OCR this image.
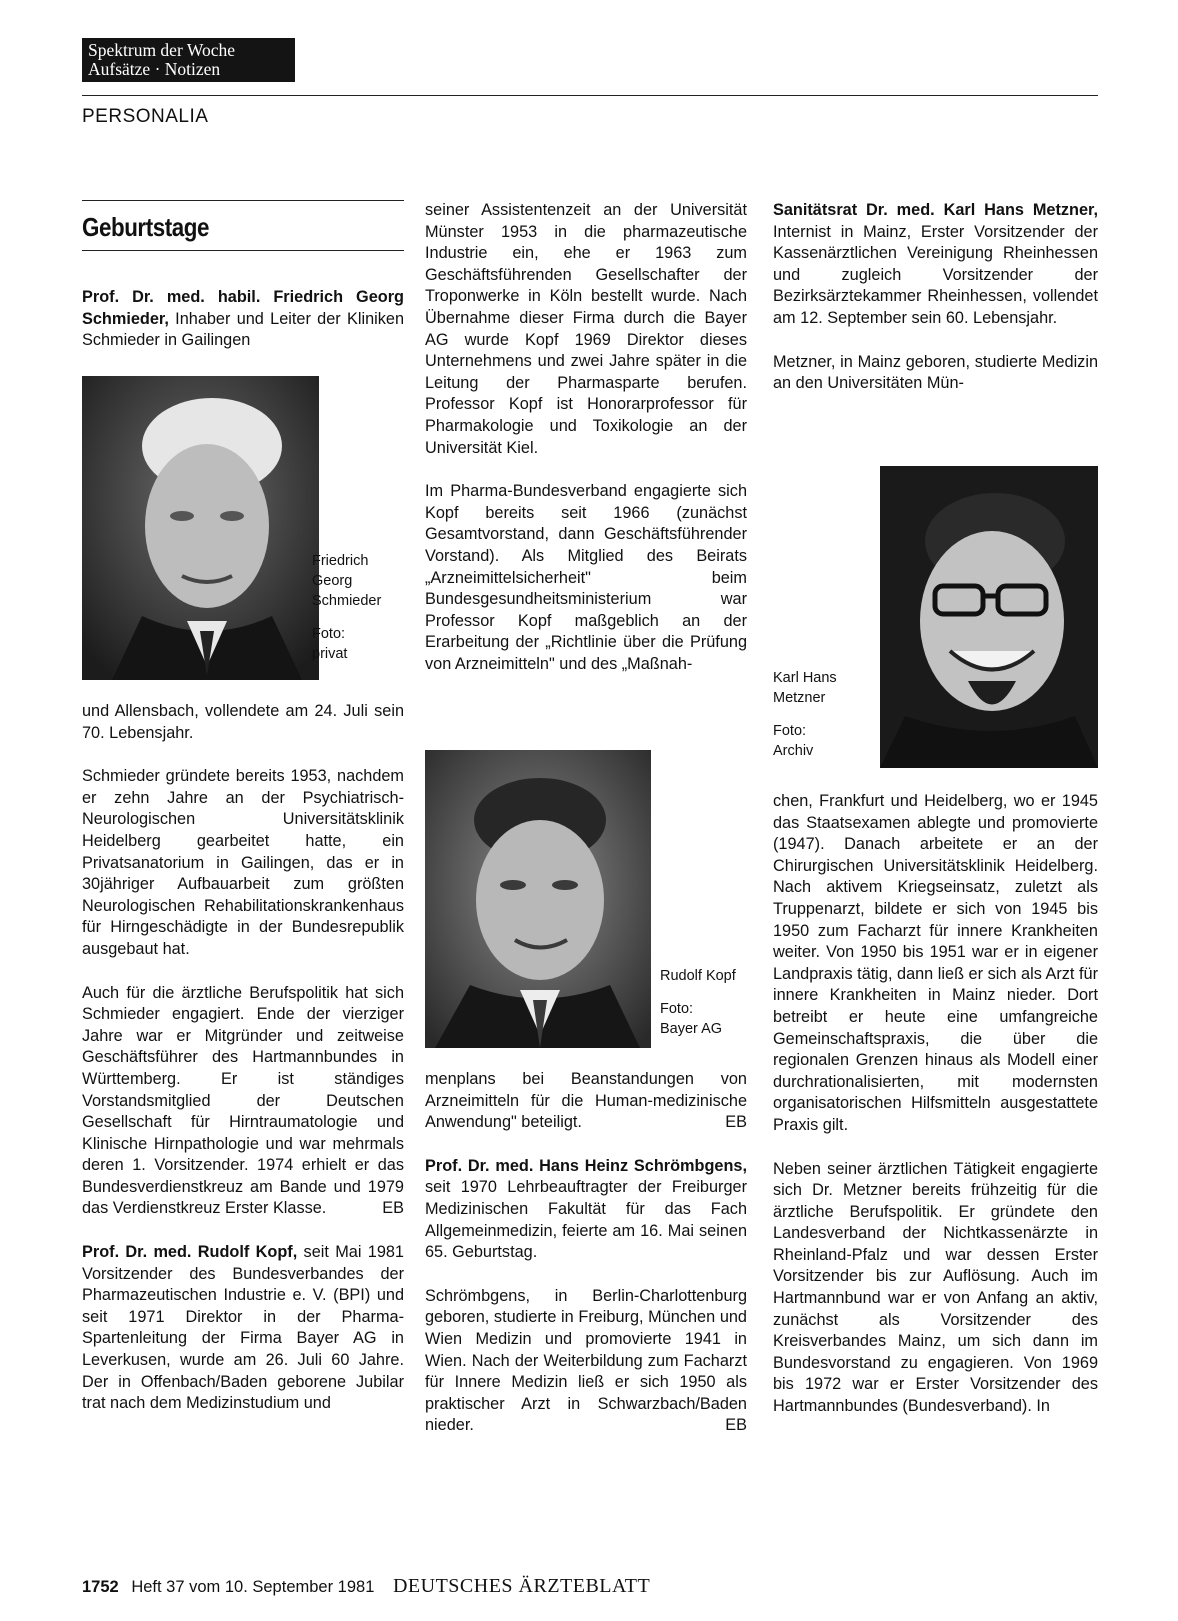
Spektrum der Woche
Aufsätze · Notizen
PERSONALIA
Geburtstage

Prof. Dr. med. habil. Friedrich Georg Schmieder, Inhaber und Leiter der Kliniken Schmieder in Gailingen

Friedrich
Georg
Schmieder
Foto:
privat

und Allensbach, vollendete am 24. Juli sein 70. Lebensjahr.

Schmieder gründete bereits 1953, nachdem er zehn Jahre an der Psychiatrisch-Neurologischen Universitätsklinik Heidelberg gearbeitet hatte, ein Privatsanatorium in Gailingen, das er in 30jähriger Aufbauarbeit zum größten Neurologischen Rehabilitationskrankenhaus für Hirngeschädigte in der Bundesrepublik ausgebaut hat.

Auch für die ärztliche Berufspolitik hat sich Schmieder engagiert. Ende der vierziger Jahre war er Mitgründer und zeitweise Geschäftsführer des Hartmannbundes in Württemberg. Er ist ständiges Vorstandsmitglied der Deutschen Gesellschaft für Hirntraumatologie und Klinische Hirnpathologie und war mehrmals deren 1. Vorsitzender. 1974 erhielt er das Bundesverdienstkreuz am Bande und 1979 das Verdienstkreuz Erster Klasse.	EB

Prof. Dr. med. Rudolf Kopf, seit Mai 1981 Vorsitzender des Bundesverbandes der Pharmazeutischen Industrie e. V. (BPI) und seit 1971 Direktor in der Pharma-Spartenleitung der Firma Bayer AG in Leverkusen, wurde am 26. Juli 60 Jahre. Der in Offenbach/Baden geborene Jubilar trat nach dem Medizinstudium und

seiner Assistentenzeit an der Universität Münster 1953 in die pharmazeutische Industrie ein, ehe er 1963 zum Geschäftsführenden Gesellschafter der Troponwerke in Köln bestellt wurde. Nach Übernahme dieser Firma durch die Bayer AG wurde Kopf 1969 Direktor dieses Unternehmens und zwei Jahre später in die Leitung der Pharmasparte berufen. Professor Kopf ist Honorarprofessor für Pharmakologie und Toxikologie an der Universität Kiel.

Im Pharma-Bundesverband engagierte sich Kopf bereits seit 1966 (zunächst Gesamtvorstand, dann Geschäftsführender Vorstand). Als Mitglied des Beirats „Arzneimittelsicherheit" beim Bundesgesundheitsministerium war Professor Kopf maßgeblich an der Erarbeitung der „Richtlinie über die Prüfung von Arzneimitteln" und des „Maßnah-

Rudolf Kopf
Foto:
Bayer AG

menplans bei Beanstandungen von Arzneimitteln für die Human-medizinische Anwendung" beteiligt.	EB

Prof. Dr. med. Hans Heinz Schrömbgens, seit 1970 Lehrbeauftragter der Freiburger Medizinischen Fakultät für das Fach Allgemeinmedizin, feierte am 16. Mai seinen 65. Geburtstag.

Schrömbgens, in Berlin-Charlottenburg geboren, studierte in Freiburg, München und Wien Medizin und promovierte 1941 in Wien. Nach der Weiterbildung zum Facharzt für Innere Medizin ließ er sich 1950 als praktischer Arzt in Schwarzbach/Baden nieder.	EB

Sanitätsrat Dr. med. Karl Hans Metzner, Internist in Mainz, Erster Vorsitzender der Kassenärztlichen Vereinigung Rheinhessen und zugleich Vorsitzender der Bezirksärztekammer Rheinhessen, vollendet am 12. September sein 60. Lebensjahr.

Metzner, in Mainz geboren, studierte Medizin an den Universitäten Mün-

Karl Hans
Metzner
Foto:
Archiv

chen, Frankfurt und Heidelberg, wo er 1945 das Staatsexamen ablegte und promovierte (1947). Danach arbeitete er an der Chirurgischen Universitätsklinik Heidelberg. Nach aktivem Kriegseinsatz, zuletzt als Truppenarzt, bildete er sich von 1945 bis 1950 zum Facharzt für innere Krankheiten weiter. Von 1950 bis 1951 war er in eigener Landpraxis tätig, dann ließ er sich als Arzt für innere Krankheiten in Mainz nieder. Dort betreibt er heute eine umfangreiche Gemeinschaftspraxis, die über die regionalen Grenzen hinaus als Modell einer durchrationalisierten, mit modernsten organisatorischen Hilfsmitteln ausgestattete Praxis gilt.

Neben seiner ärztlichen Tätigkeit engagierte sich Dr. Metzner bereits frühzeitig für die ärztliche Berufspolitik. Er gründete den Landesverband der Nichtkassenärzte in Rheinland-Pfalz und war dessen Erster Vorsitzender bis zur Auflösung. Auch im Hartmannbund war er von Anfang an aktiv, zunächst als Vorsitzender des Kreisverbandes Mainz, um sich dann im Bundesvorstand zu engagieren. Von 1969 bis 1972 war er Erster Vorsitzender des Hartmannbundes (Bundesverband). In

1752 Heft 37 vom 10. September 1981 DEUTSCHES ÄRZTEBLATT
